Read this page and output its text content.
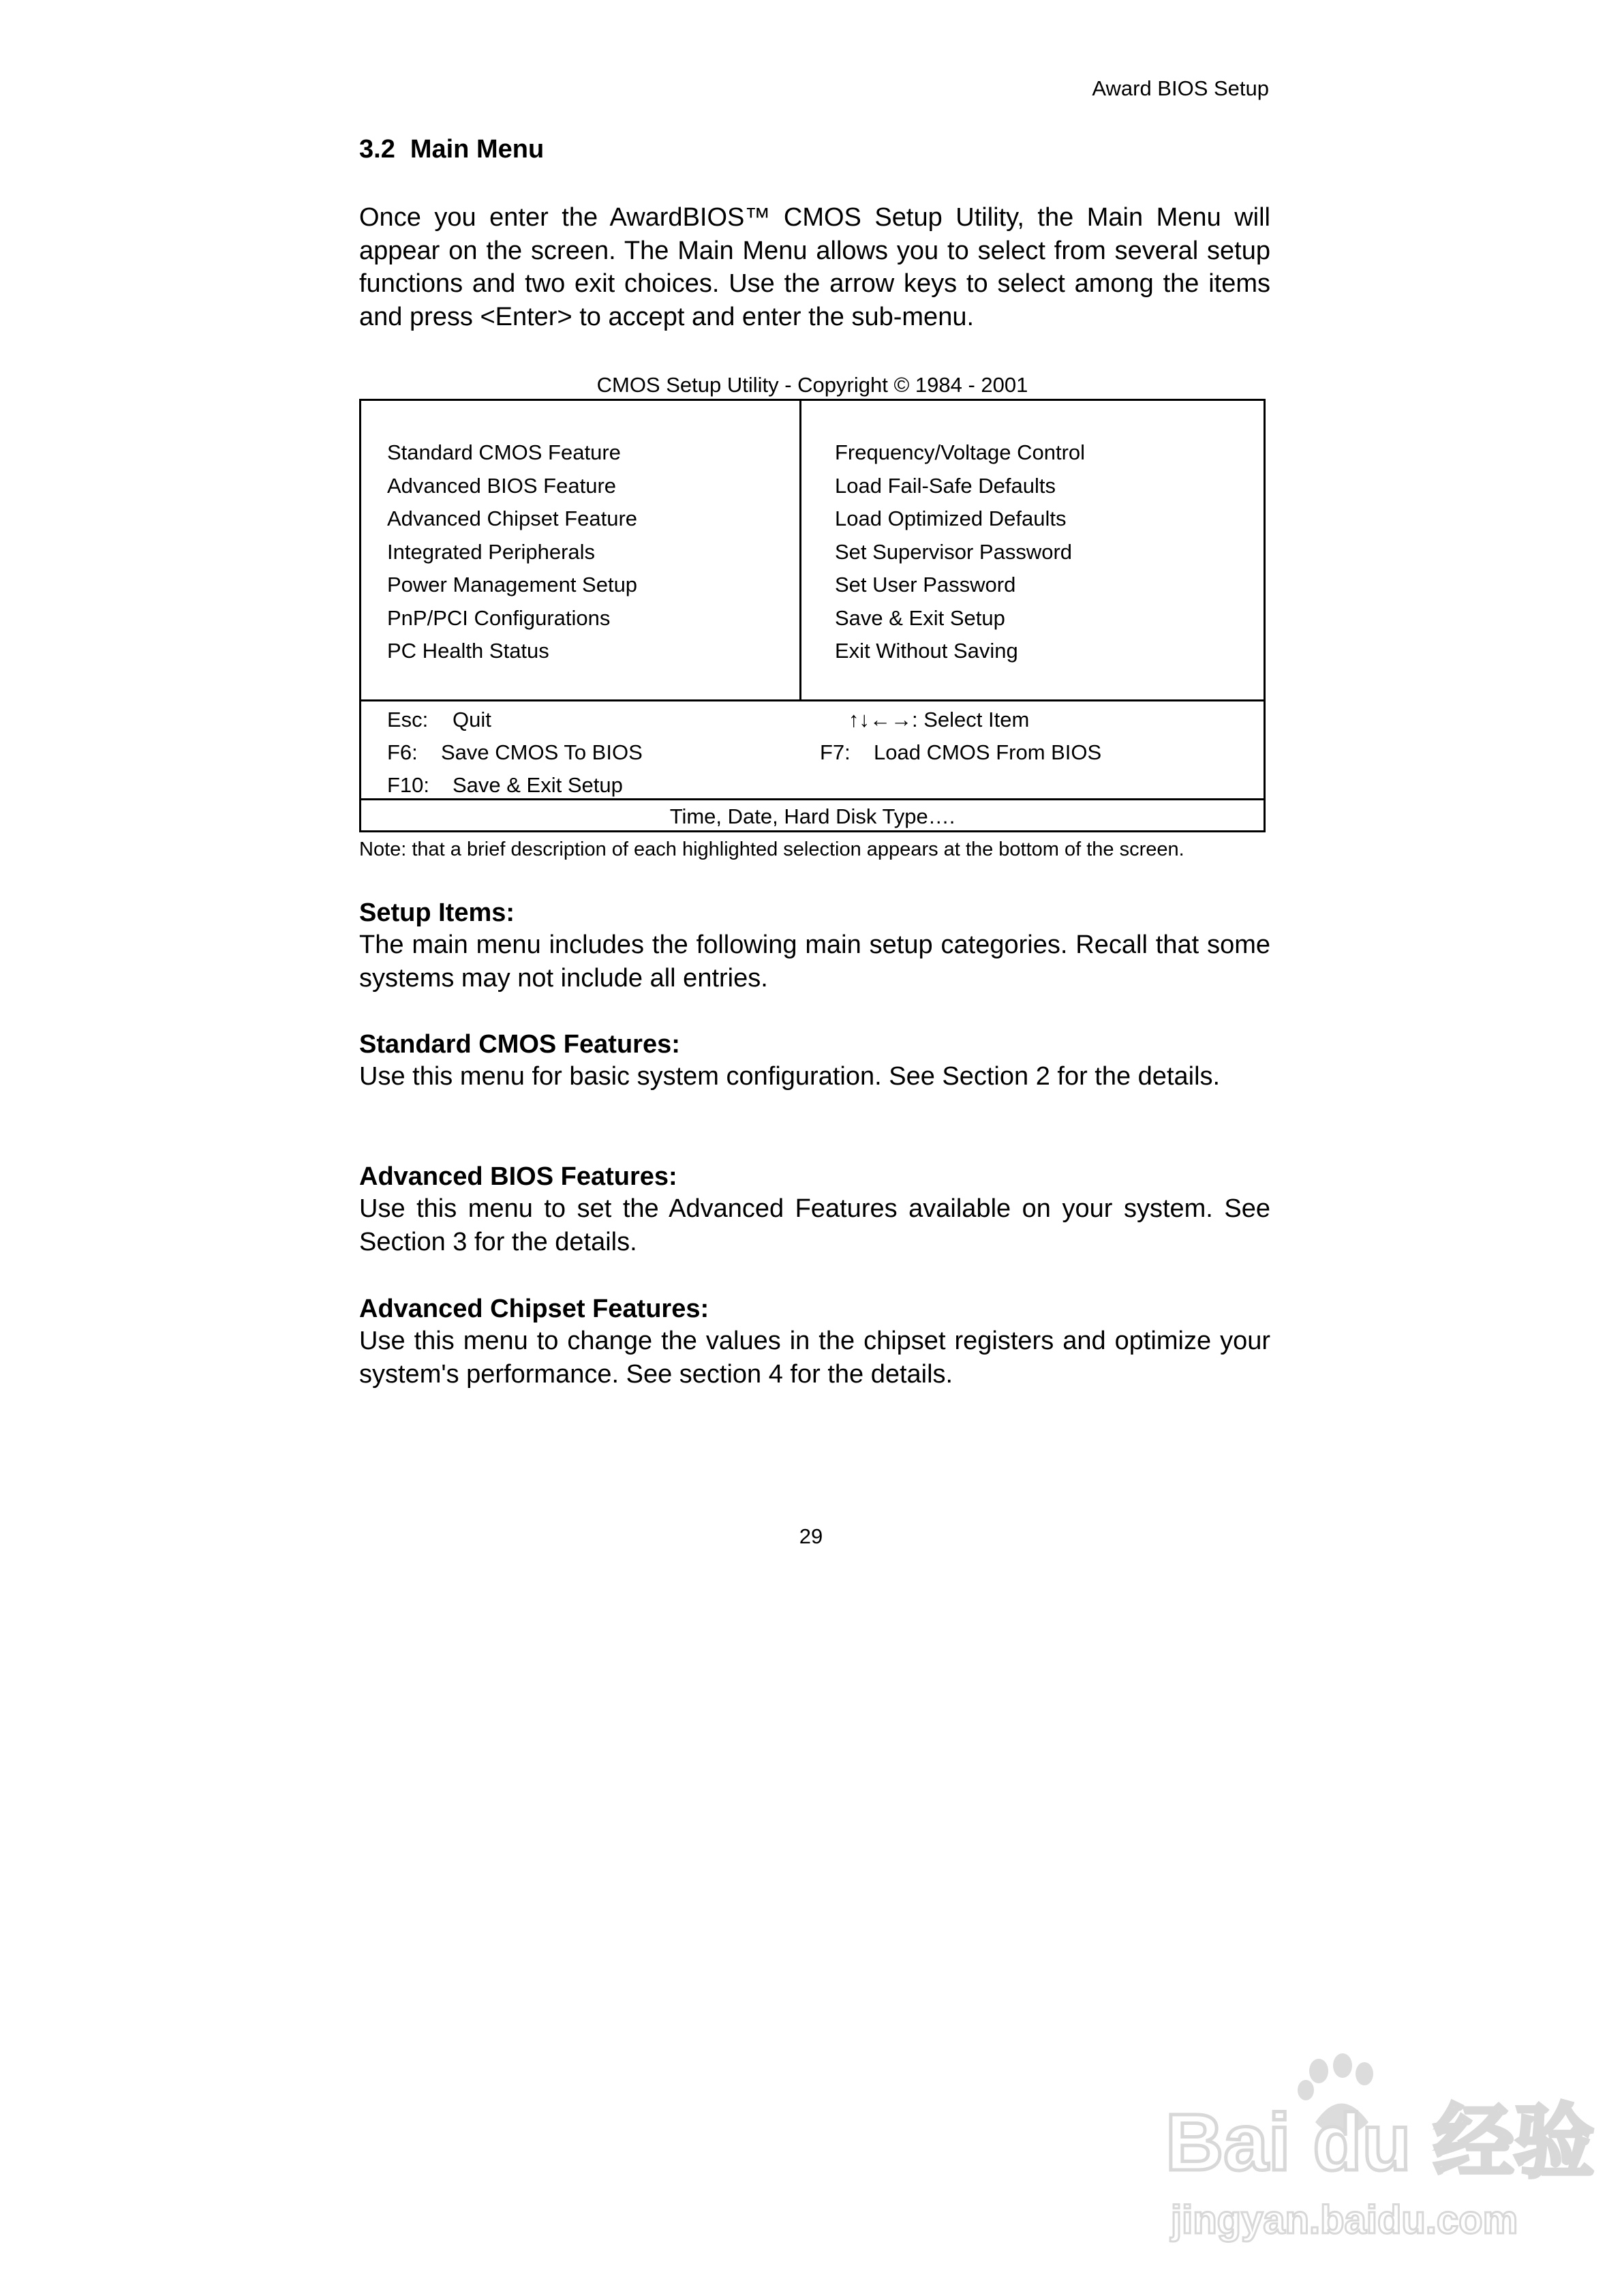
Award BIOS Setup
3.2 Main Menu

Once you enter the AwardBIOS™ CMOS Setup Utility, the Main Menu will appear on the screen. The Main Menu allows you to select from several setup functions and two exit choices. Use the arrow keys to select among the items and press <Enter> to accept and enter the sub-menu.

CMOS Setup Utility - Copyright © 1984 - 2001
Standard CMOS Feature
Advanced BIOS Feature
Advanced Chipset Feature
Integrated Peripherals
Power Management Setup
PnP/PCI Configurations
PC Health Status
Frequency/Voltage Control
Load Fail-Safe Defaults
Load Optimized Defaults
Set Supervisor Password
Set User Password
Save & Exit Setup
Exit Without Saving
Esc: Quit	↑↓←→: Select Item
F6: Save CMOS To BIOS	F7: Load CMOS From BIOS
F10: Save & Exit Setup
Time, Date, Hard Disk Type….
Note: that a brief description of each highlighted selection appears at the bottom of the screen.
Setup Items:

The main menu includes the following main setup categories. Recall that some systems may not include all entries.

Standard CMOS Features:

Use this menu for basic system configuration. See Section 2 for the details.

Advanced BIOS Features:

Use this menu to set the Advanced Features available on your system. See Section 3 for the details.

Advanced Chipset Features:

Use this menu to change the values in the chipset registers and optimize your system's performance. See section 4 for the details.

29
Bai du 经验
jingyan.baidu.com
